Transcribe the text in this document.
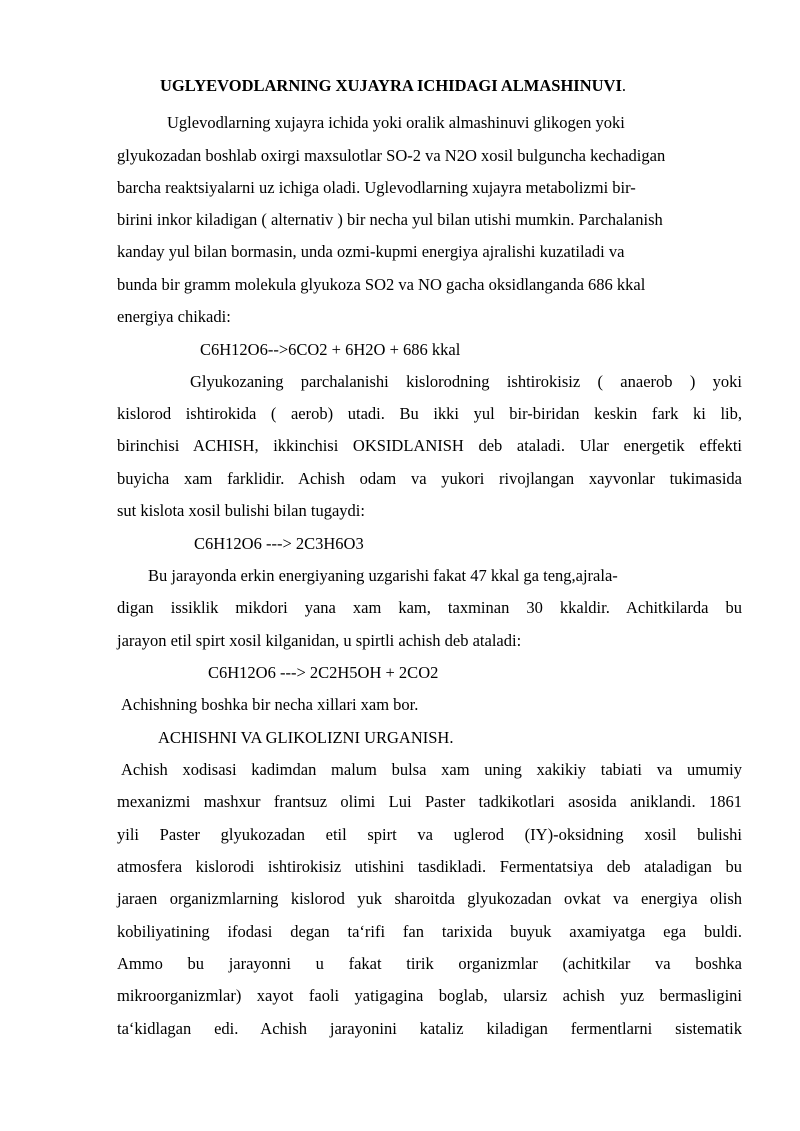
UGLYEVODLARNING XUJAYRA ICHIDAGI ALMASHINUVI.
Uglevodlarning xujayra ichida yoki oralik almashinuvi glikogen yoki
glyukozadan boshlab oxirgi maxsulotlar SO-2 va N2O xosil bulguncha kechadigan
barcha reaktsiyalarni uz ichiga oladi. Uglevodlarning xujayra metabolizmi bir-
birini inkor kiladigan ( alternativ ) bir necha yul bilan utishi mumkin. Parchalanish
kanday yul bilan bormasin, unda ozmi-kupmi energiya ajralishi kuzatiladi va
bunda bir gramm molekula glyukoza SO2 va NO gacha oksidlanganda 686 kkal
energiya chikadi:
C6H12O6-->6CO2 + 6H2O + 686 kkal
Glyukozaning parchalanishi kislorodning ishtirokisiz ( anaerob ) yoki
kislorod ishtirokida ( aerob) utadi. Bu ikki yul bir-biridan keskin fark ki lib,
birinchisi ACHISH, ikkinchisi OKSIDLANISH deb ataladi. Ular energetik effekti
buyicha xam farklidir. Achish odam va yukori rivojlangan xayvonlar tukimasida
sut kislota xosil bulishi bilan tugaydi:
C6H12O6 ---> 2C3H6O3
Bu jarayonda erkin energiyaning uzgarishi fakat 47 kkal ga teng,ajrala-
digan issiklik mikdori yana xam kam, taxminan 30 kkaldir. Achitkilarda bu
jarayon etil spirt xosil kilganidan, u spirtli achish deb ataladi:
C6H12O6 ---> 2C2H5OH + 2CO2
Achishning boshka bir necha xillari xam bor.
ACHISHNI VA GLIKOLIZNI URGANISH.
Achish xodisasi kadimdan malum bulsa xam uning xakikiy tabiati va umumiy
mexanizmi mashxur frantsuz olimi Lui Paster tadkikotlari asosida aniklandi. 1861
yili Paster glyukozadan etil spirt va uglerod (IY)-oksidning xosil bulishi
atmosfera kislorodi ishtirokisiz utishini tasdikladi. Fermentatsiya deb ataladigan bu
jaraen organizmlarning kislorod yuk sharoitda glyukozadan ovkat va energiya olish
kobiliyatining ifodasi degan ta‘rifi fan tarixida buyuk axamiyatga ega buldi.
Ammo bu jarayonni u fakat tirik organizmlar (achitkilar va boshka
mikroorganizmlar) xayot faoli yatigagina boglab, ularsiz achish yuz bermasligini
ta‘kidlagan edi. Achish jarayonini kataliz kiladigan fermentlarni sistematik
